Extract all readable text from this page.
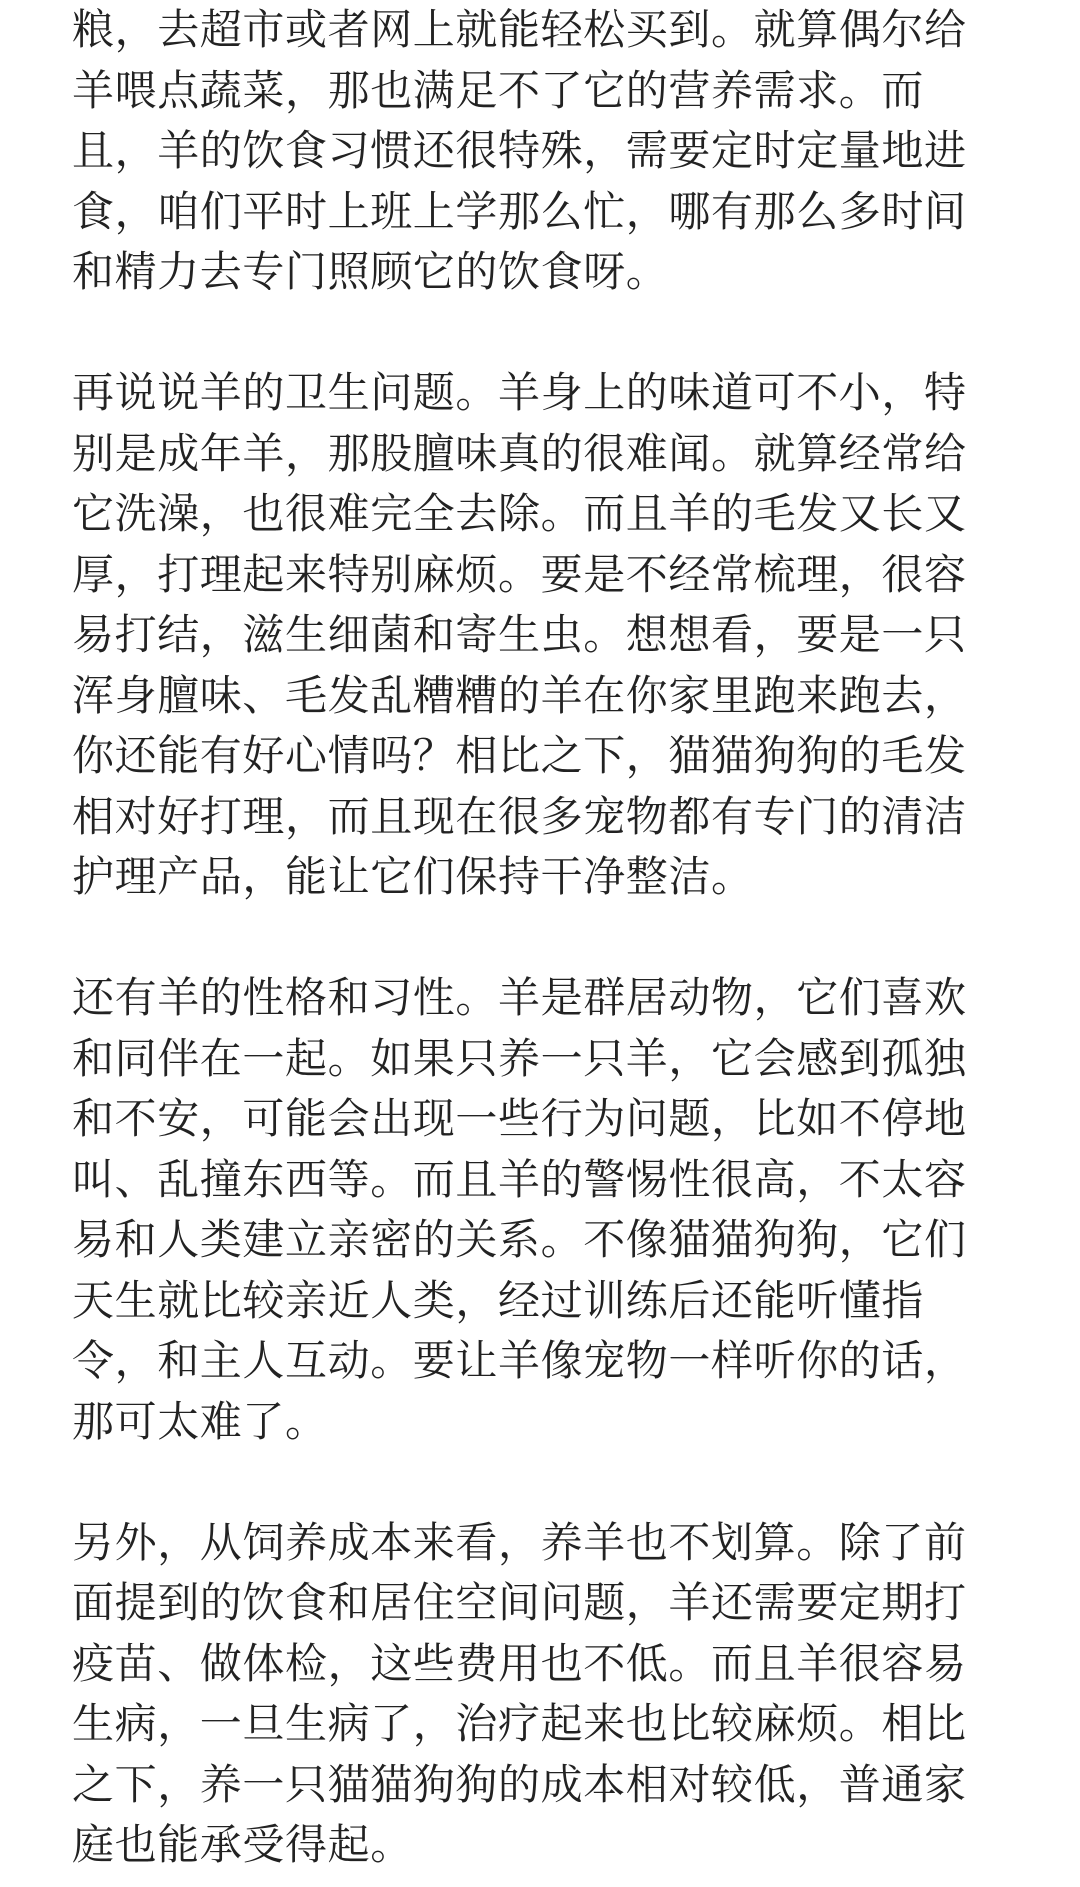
粮，去超市或者网上就能轻松买到。就算偶尔给
羊喂点蔬菜，那也满足不了它的营养需求。而
且，羊的饮食习惯还很特殊，需要定时定量地进
食，咱们平时上班上学那么忙，哪有那么多时间
和精力去专门照顾它的饮食呀。
再说说羊的卫生问题。羊身上的味道可不小，特
别是成年羊，那股膻味真的很难闻。就算经常给
它洗澡，也很难完全去除。而且羊的毛发又长又
厚，打理起来特别麻烦。要是不经常梳理，很容
易打结，滋生细菌和寄生虫。想想看，要是一只
浑身膻味、毛发乱糟糟的羊在你家里跑来跑去，
你还能有好心情吗？相比之下，猫猫狗狗的毛发
相对好打理，而且现在很多宠物都有专门的清洁
护理产品，能让它们保持干净整洁。
还有羊的性格和习性。羊是群居动物，它们喜欢
和同伴在一起。如果只养一只羊，它会感到孤独
和不安，可能会出现一些行为问题，比如不停地
叫、乱撞东西等。而且羊的警惕性很高，不太容
易和人类建立亲密的关系。不像猫猫狗狗，它们
天生就比较亲近人类，经过训练后还能听懂指
令，和主人互动。要让羊像宠物一样听你的话，
那可太难了。
另外，从饲养成本来看，养羊也不划算。除了前
面提到的饮食和居住空间问题，羊还需要定期打
疫苗、做体检，这些费用也不低。而且羊很容易
生病，一旦生病了，治疗起来也比较麻烦。相比
之下，养一只猫猫狗狗的成本相对较低，普通家
庭也能承受得起。
